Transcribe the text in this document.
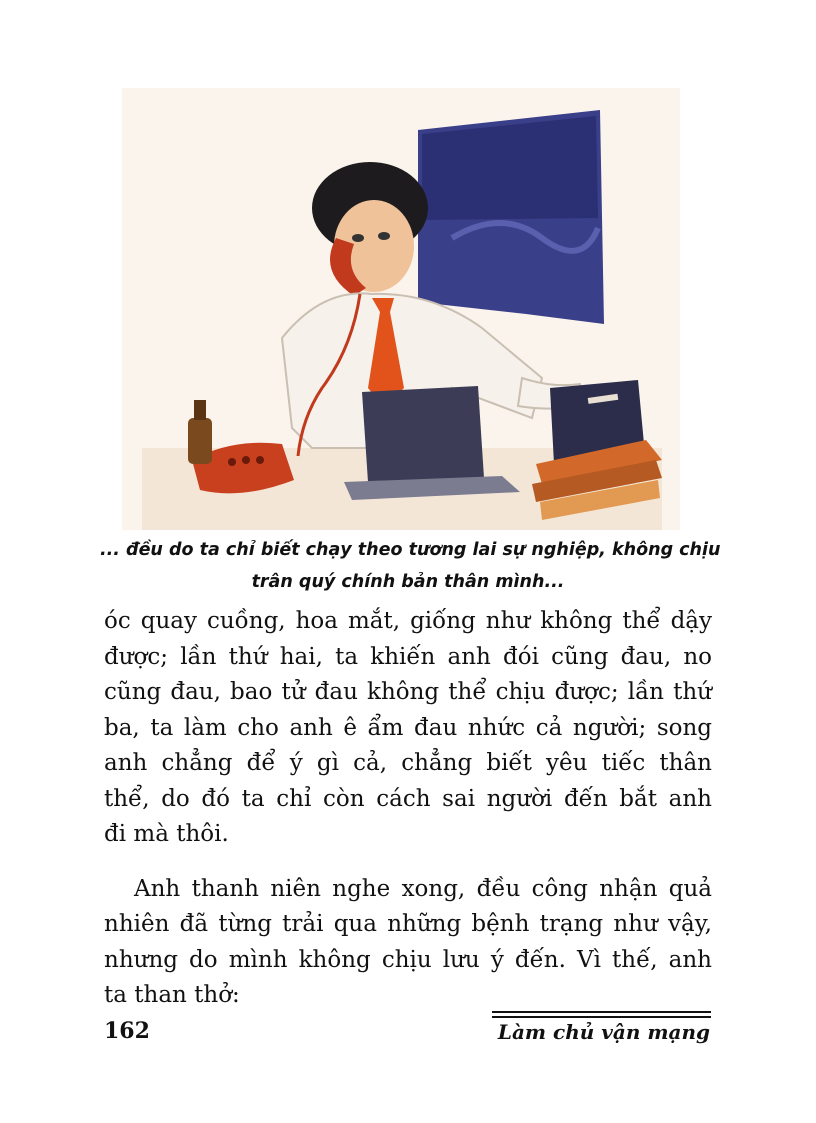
... đều do ta chỉ biết chạy theo tương lai sự nghiệp, không chịu
trân quý chính bản thân mình...

óc quay cuồng, hoa mắt, giống như không thể dậy
được; lần thứ hai, ta khiến anh đói cũng đau, no
cũng đau, bao tử đau không thể chịu được; lần thứ
ba, ta làm cho anh ê ẩm đau nhức cả người; song
anh chẳng để ý gì cả, chẳng biết yêu tiếc thân
thể, do đó ta chỉ còn cách sai người đến bắt anh
đi mà thôi.

Anh thanh niên nghe xong, đều công nhận quả
nhiên đã từng trải qua những bệnh trạng như vậy,
nhưng do mình không chịu lưu ý đến. Vì thế, anh
ta than thở:

162	Làm chủ vận mạng
